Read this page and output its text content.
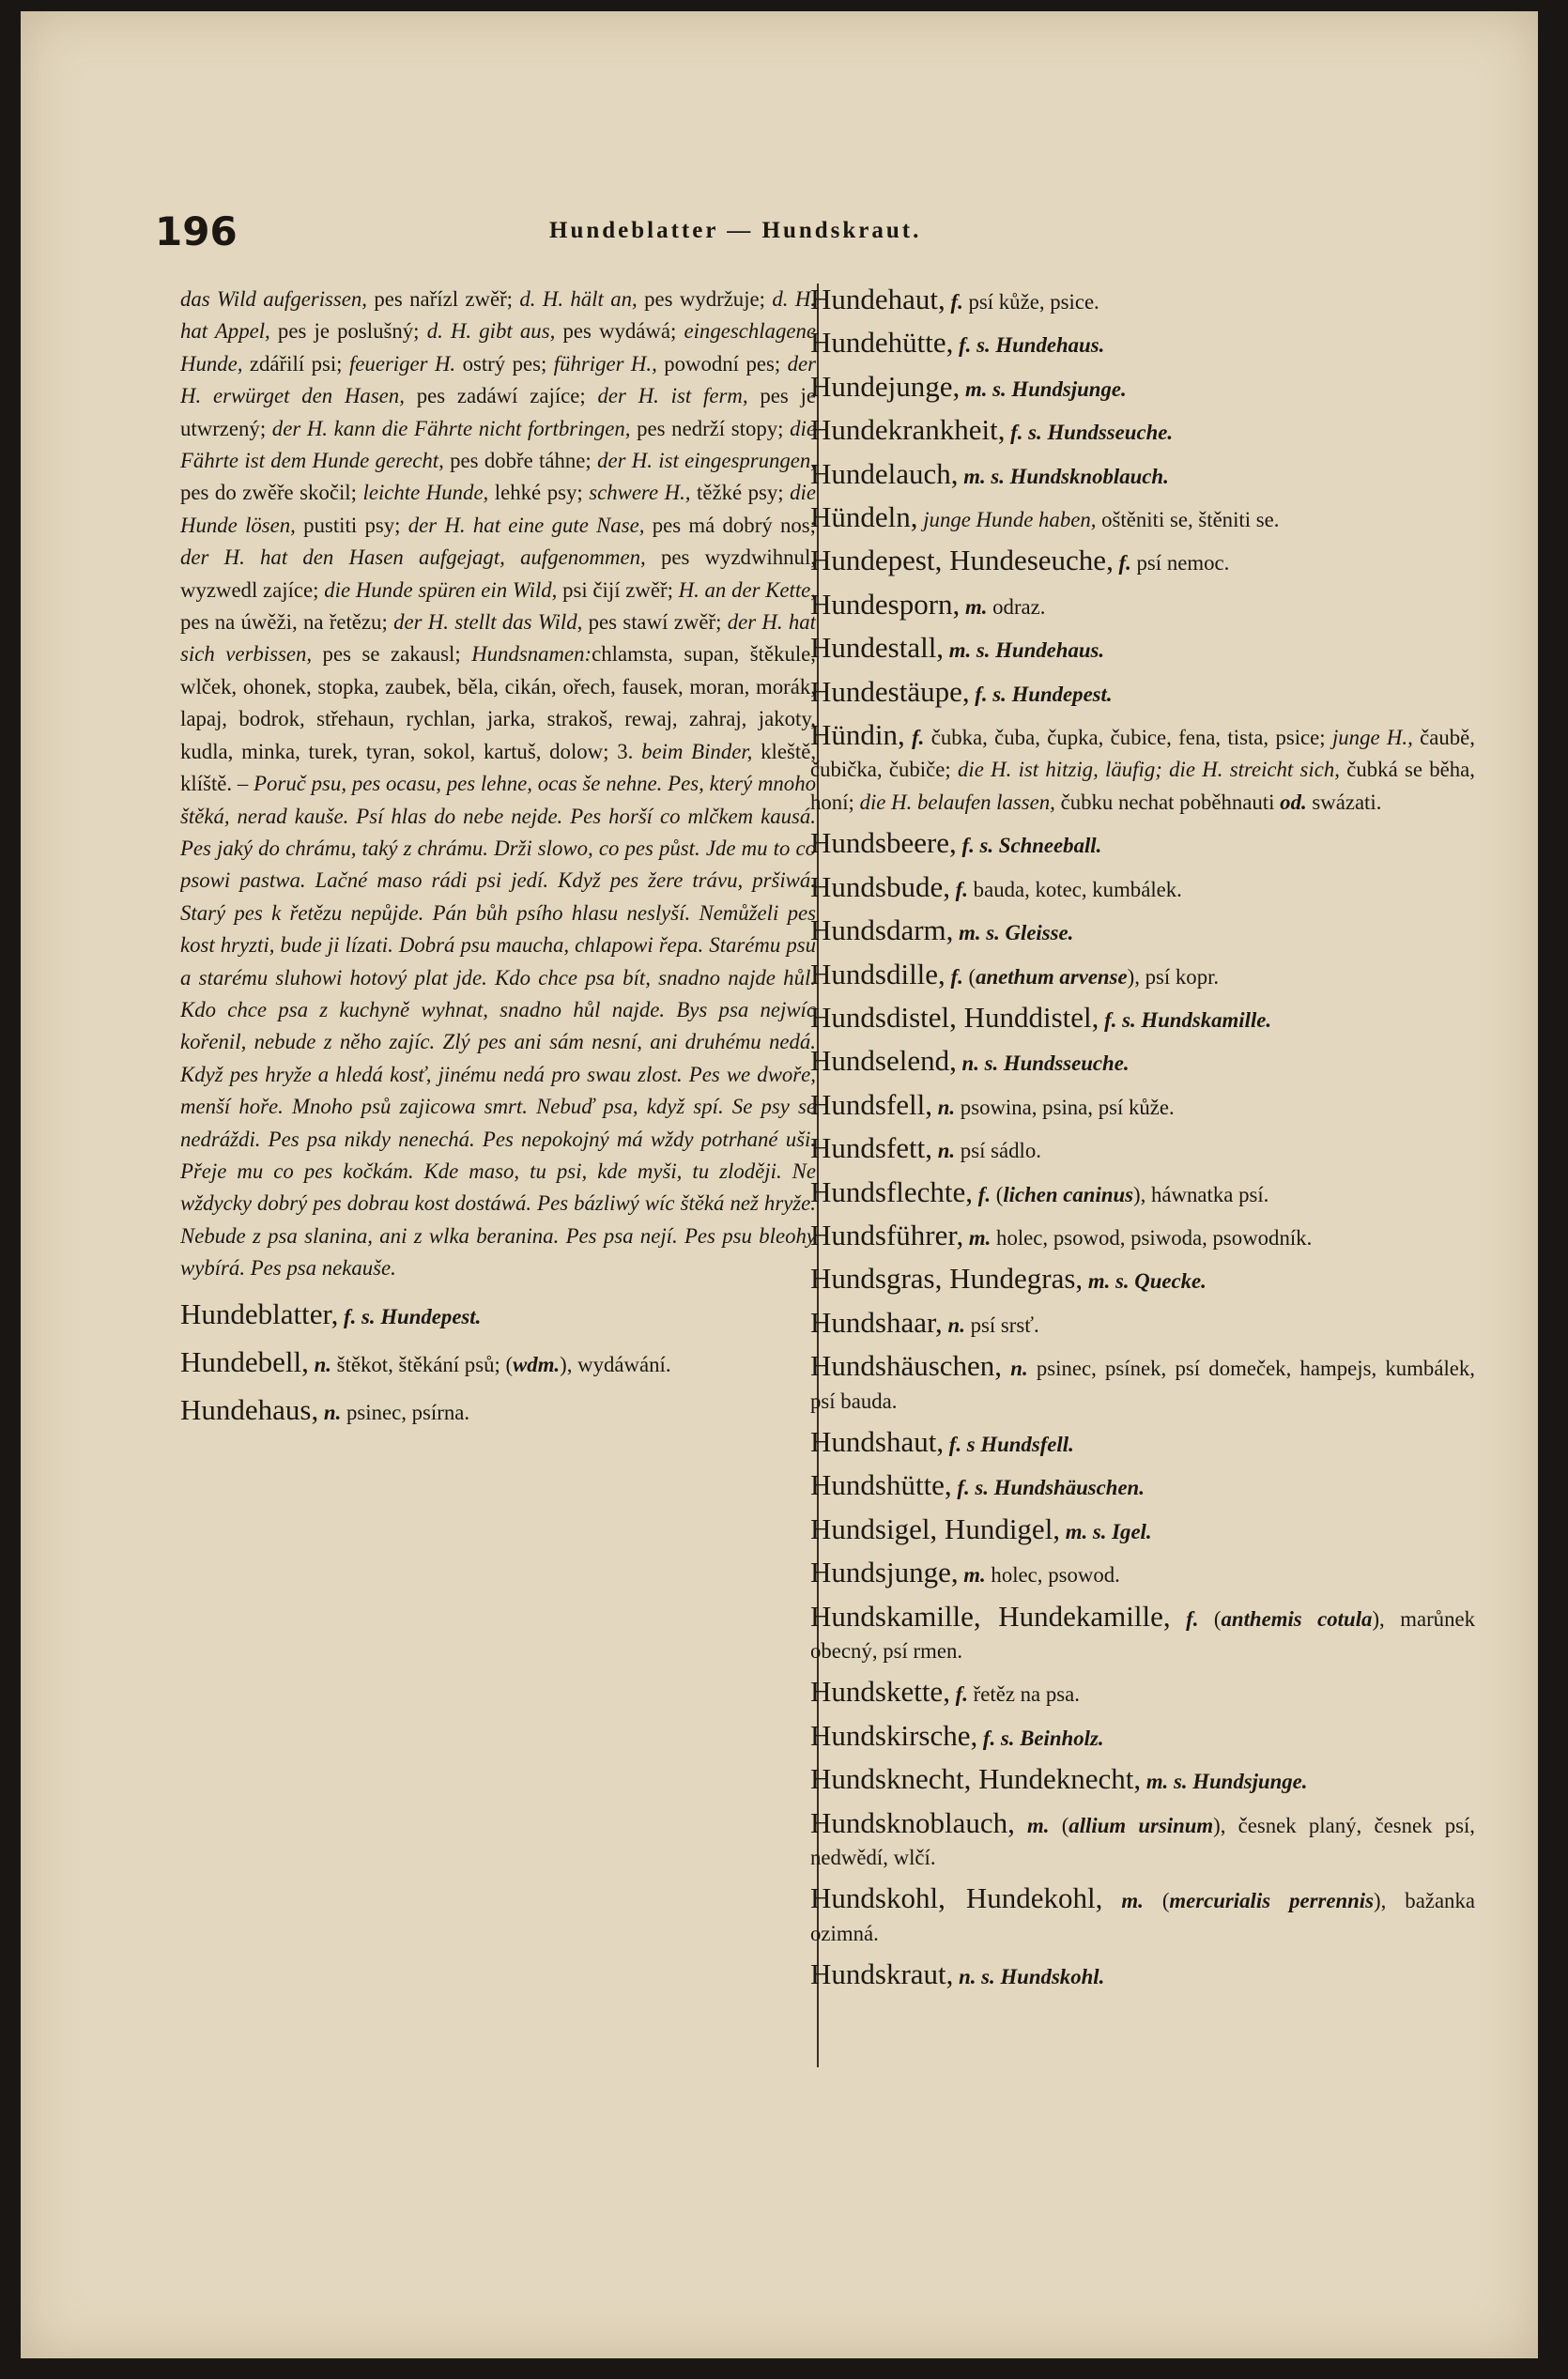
196	Hundeblatter — Hundskraut.
das Wild aufgerissen, pes nařízl zwěř; d. H. hält an, pes wydržuje; d. H. hat Appel, pes je poslušný; d. H. gibt aus, pes wydáwá; eingeschlagene Hunde, zdářilí psi; feueriger H. ostrý pes; führiger H., powodní pes; der H. erwürget den Hasen, pes zadáwí zajíce; der H. ist ferm, pes je utwrzený; der H. kann die Fährte nicht fortbringen, pes nedrží stopy; die Fährte ist dem Hunde gerecht, pes dobře táhne; der H. ist eingesprungen, pes do zwěře skočil; leichte Hunde, lehké psy; schwere H., těžké psy; die Hunde lösen, pustiti psy; der H. hat eine gute Nase, pes má dobrý nos; der H. hat den Hasen aufgejagt, aufgenommen, pes wyzdwihnul, wyzwedl zajíce; die Hunde spüren ein Wild, psi čijí zwěř; H. an der Kette, pes na úwěži, na řetězu; der H. stellt das Wild, pes stawí zwěř; der H. hat sich verbissen, pes se zakausl; Hundsnamen:chlamsta, supan, štěkule, wlček, ohonek, stopka, zaubek, běla, cikán, ořech, fausek, moran, morák, lapaj, bodrok, střehaun, rychlan, jarka, strakoš, rewaj, zahraj, jakoty, kudla, minka, turek, tyran, sokol, kartuš, dolow; 3. beim Binder, kleště, klíště. – Poruč psu, pes ocasu, pes lehne, ocas še nehne. Pes, který mnoho štěká, nerad kauše. Psí hlas do nebe nejde. Pes horší co mlčkem kausá. Pes jaký do chrámu, taký z chrámu. Drži slowo, co pes půst. Jde mu to co psowi pastwa. Lačné maso rádi psi jedí. Když pes žere trávu, pršiwá. Starý pes k řetězu nepůjde. Pán bůh psího hlasu neslyší. Nemůželi pes kost hryzti, bude ji lízati. Dobrá psu maucha, chlapowi řepa. Starému psu a starému sluhowi hotový plat jde. Kdo chce psa bít, snadno najde hůl. Kdo chce psa z kuchyně wyhnat, snadno hůl najde. Bys psa nejwíc kořenil, nebude z něho zajíc. Zlý pes ani sám nesní, ani druhému nedá. Když pes hryže a hledá kosť, jinému nedá pro swau zlost. Pes we dwoře, menší hoře. Mnoho psů zajicowa smrt. Nebuď psa, když spí. Se psy se nedráždi. Pes psa nikdy nenechá. Pes nepokojný má wždy potrhané uši. Přeje mu co pes kočkám. Kde maso, tu psi, kde myši, tu zloději. Ne wždycky dobrý pes dobrau kost dostáwá. Pes bázliwý wíc štěká než hryže. Nebude z psa slanina, ani z wlka beranina. Pes psa nejí. Pes psu bleohy wybírá. Pes psa nekauše.
Hundeblatter, f. s. Hundepest.
Hundebell, n. štěkot, štěkání psů; (wdm.), wydáwání.
Hundehaus, n. psinec, psírna.
Hundehaut, f. psí kůže, psice.
Hundehütte, f. s. Hundehaus.
Hundejunge, m. s. Hundsjunge.
Hundekrankheit, f. s. Hundsseuche.
Hundelauch, m. s. Hundsknoblauch.
Hündeln, junge Hunde haben, oštěniti se, štěniti se.
Hundepest, Hundeseuche, f. psí nemoc.
Hundesporn, m. odraz.
Hundestall, m. s. Hundehaus.
Hundestäupe, f. s. Hundepest.
Hündin, f. čubka, čuba, čupka, čubice, fena, tista, psice; junge H., čaubě, čubička, čubiče; die H. ist hitzig, läufig; die H. streicht sich, čubká se běha, honí; die H. belaufen lassen, čubku nechat poběhnauti od. swázati.
Hundsbeere, f. s. Schneeball.
Hundsbude, f. bauda, kotec, kumbálek.
Hundsdarm, m. s. Gleisse.
Hundsdille, f. (anethum arvense), psí kopr.
Hundsdistel, Hunddistel, f. s. Hundskamille.
Hundselend, n. s. Hundsseuche.
Hundsfell, n. psowina, psina, psí kůže.
Hundsfett, n. psí sádlo.
Hundsflechte, f. (lichen caninus), háwnatka psí.
Hundsführer, m. holec, psowod, psiwoda, psowodník.
Hundsgras, Hundegras, m. s. Quecke.
Hundshaar, n. psí srsť.
Hundshäuschen, n. psinec, psínek, psí domeček, hampejs, kumbálek, psí bauda.
Hundshaut, f. s Hundsfell.
Hundshütte, f. s. Hundshäuschen.
Hundsigel, Hundigel, m. s. Igel.
Hundsjunge, m. holec, psowod.
Hundskamille, Hundekamille, f. (anthemis cotula), marůnek obecný, psí rmen.
Hundskette, f. řetěz na psa.
Hundskirsche, f. s. Beinholz.
Hundsknecht, Hundeknecht, m. s. Hundsjunge.
Hundsknoblauch, m. (allium ursinum), česnek planý, česnek psí, nedwědí, wlčí.
Hundskohl, Hundekohl, m. (mercurialis perrennis), bažanka ozimná.
Hundskraut, n. s. Hundskohl.
